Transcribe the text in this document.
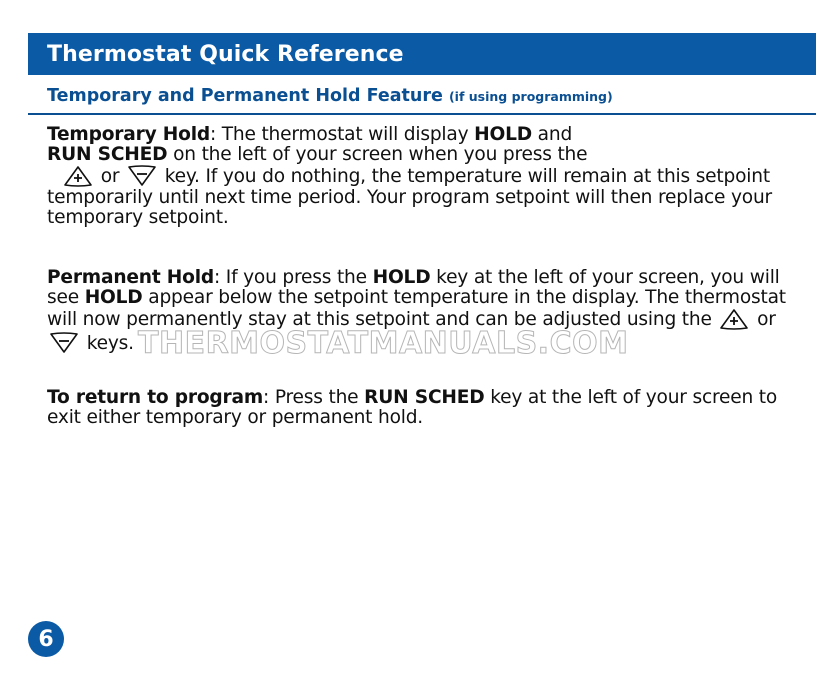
Thermostat Quick Reference
Temporary and Permanent Hold Feature (if using programming)

Temporary Hold: The thermostat will display HOLD and
RUN SCHED on the left of your screen when you press the

or
key. If you do nothing, the temperature will remain at this setpoint temporarily until next time period. Your program setpoint will then replace your temporary setpoint.

Permanent Hold: If you press the HOLD key at the left of your screen, you will see HOLD appear below the setpoint temperature in the display. The thermostat will now permanently stay at this setpoint and can be adjusted using the
or
keys.

To return to program: Press the RUN SCHED key at the left of your screen to exit either temporary or permanent hold.

THERMOSTATMANUALS.COM
6
